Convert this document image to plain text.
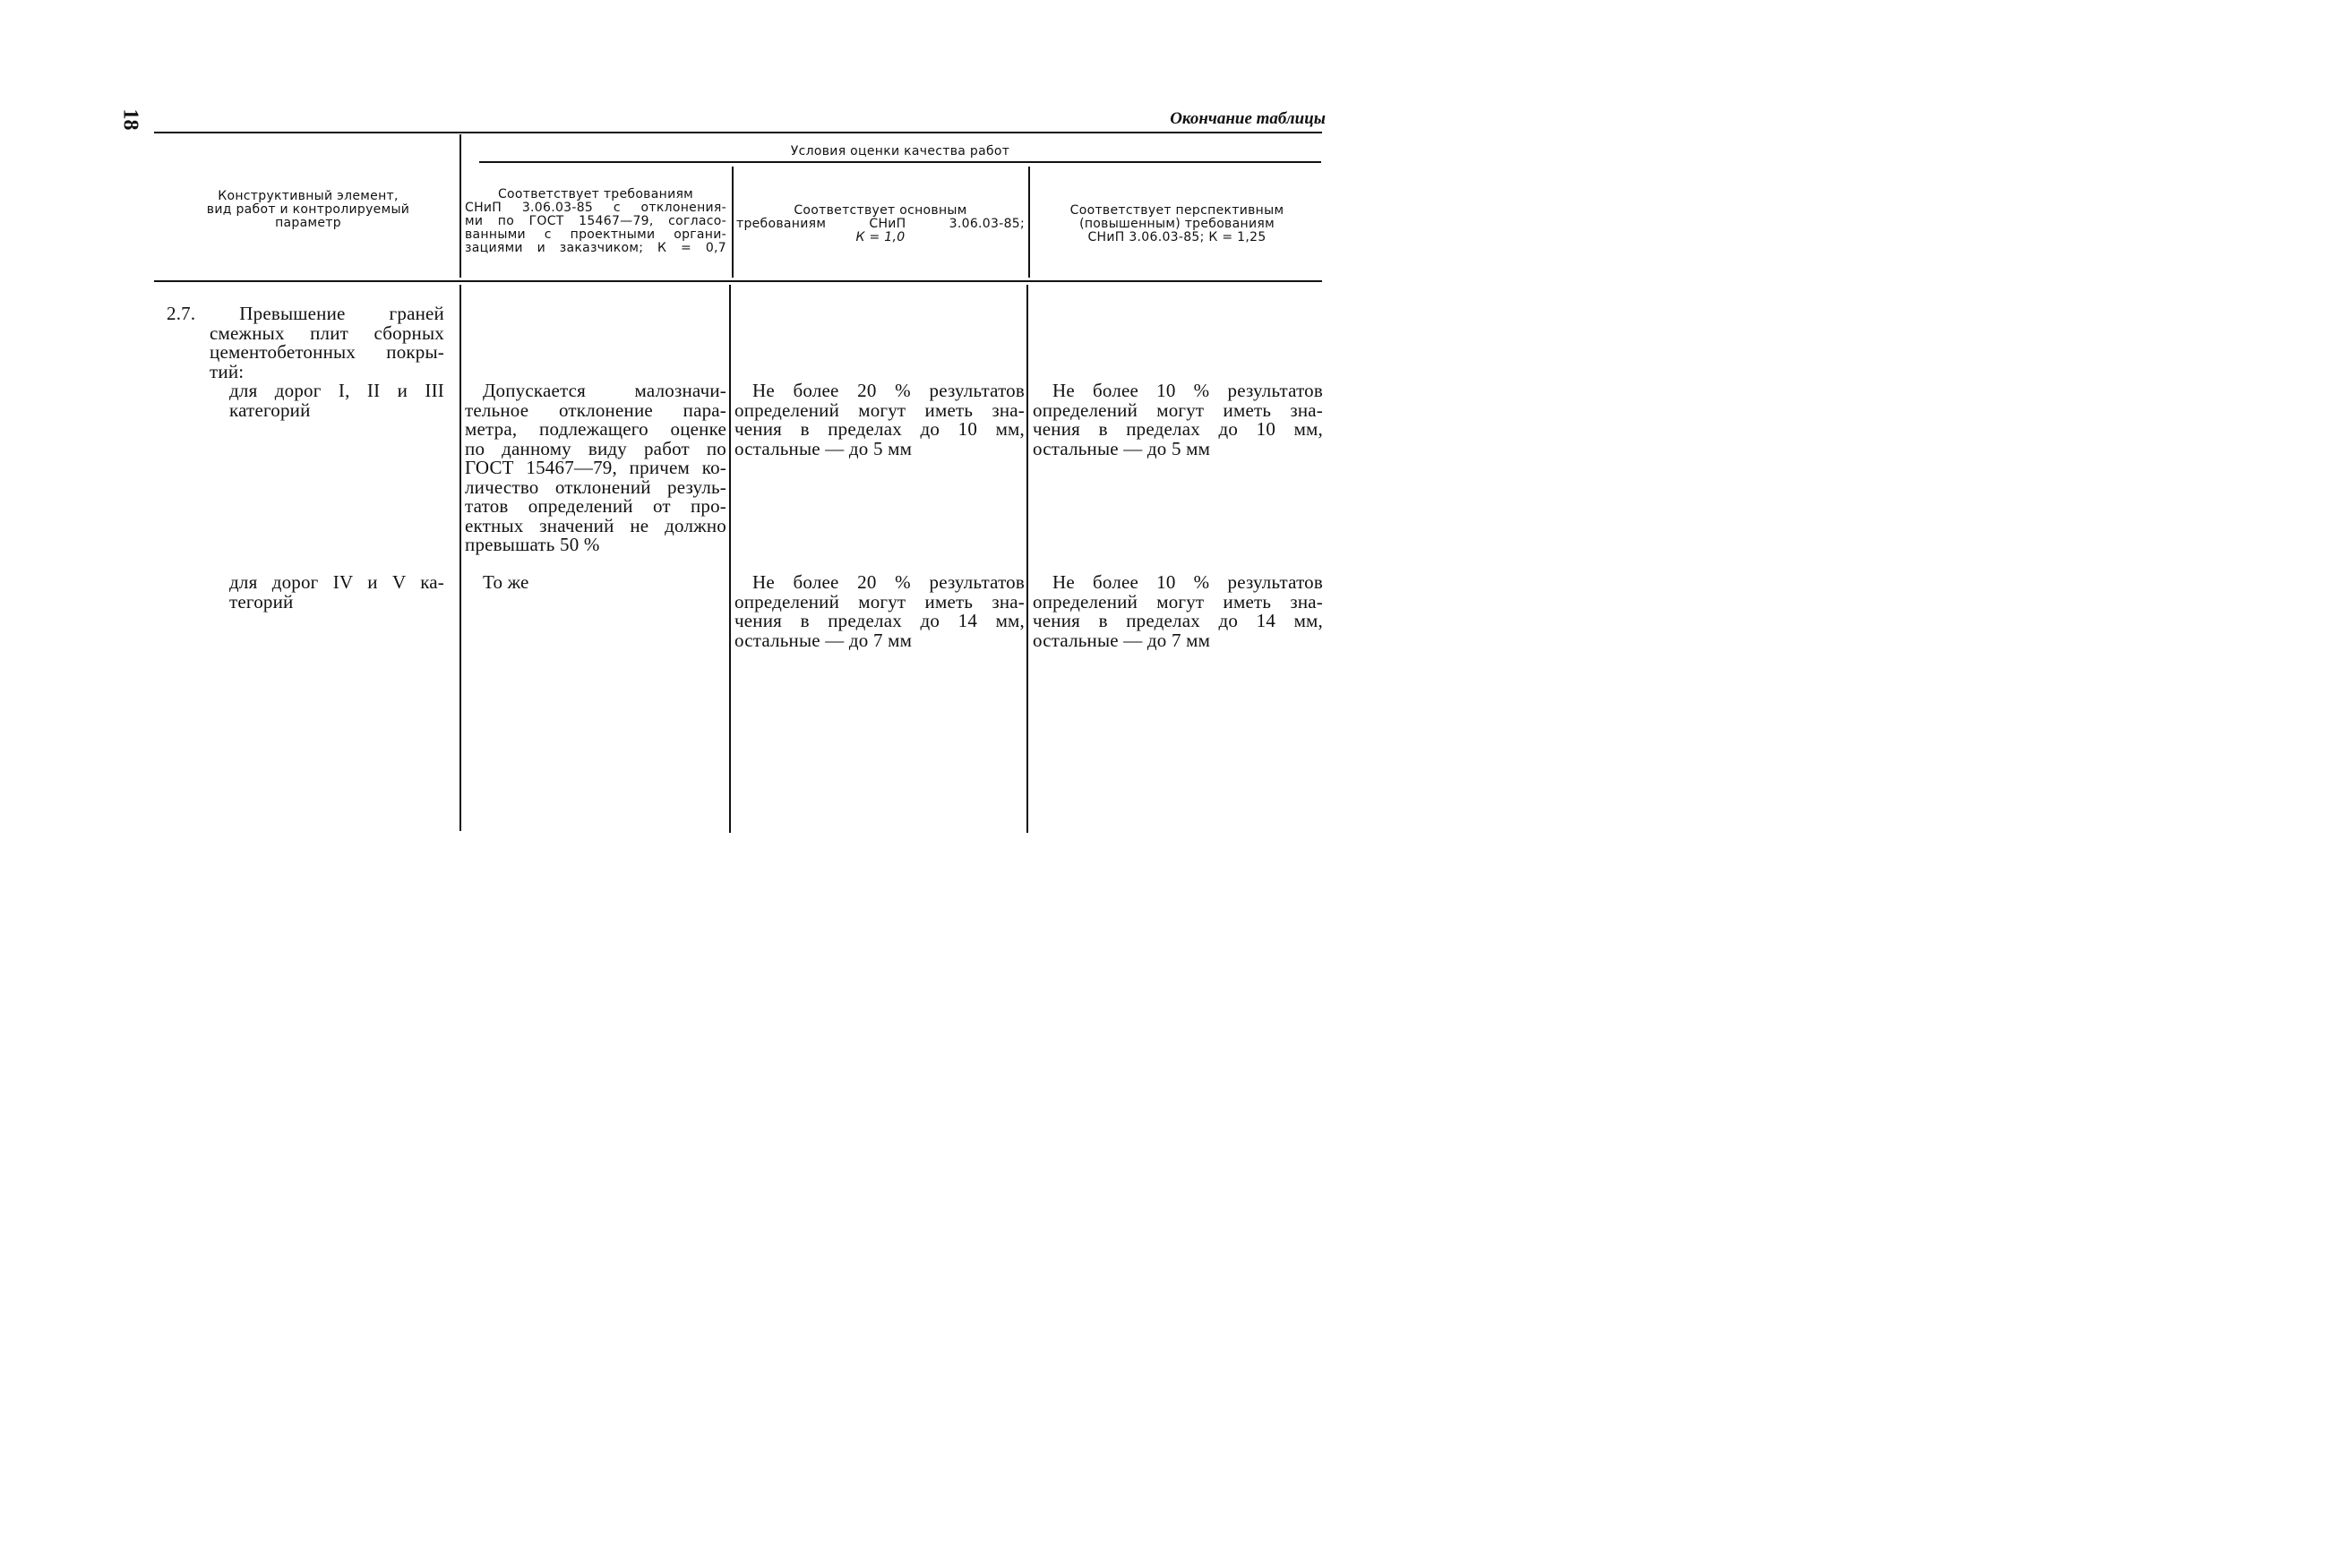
18	Окончание таблицы
Конструктивный элемент,
вид работ и контролируемый
параметр
Условия оценки качества работ
Соответствует требованиям
СНиП 3.06.03-85 с отклонения-
ми по ГОСТ 15467—79, согласо-
ванными с проектными органи-
зациями и заказчиком; К = 0,7
Соответствует основным
требованиям СНиП 3.06.03-85;
К = 1,0
Соответствует перспективным
(повышенным) требованиям
СНиП 3.06.03-85; К = 1,25
2.7. Превышение граней
смежных плит сборных
цементобетонных покры-
тий:
для дорог I, II и III
категорий
Допускается малозначи-
тельное отклонение пара-
метра, подлежащего оценке
по данному виду работ по
ГОСТ 15467—79, причем ко-
личество отклонений резуль-
татов определений от про-
ектных значений не должно
превышать 50 %
Не более 20 % результатов
определений могут иметь зна-
чения в пределах до 10 мм,
остальные — до 5 мм
Не более 10 % результатов
определений могут иметь зна-
чения в пределах до 10 мм,
остальные — до 5 мм
для дорог IV и V ка-
тегорий
То же	Не более 20 % результатов
определений могут иметь зна-
чения в пределах до 14 мм,
остальные — до 7 мм
Не более 10 % результатов
определений могут иметь зна-
чения в пределах до 14 мм,
остальные — до 7 мм
